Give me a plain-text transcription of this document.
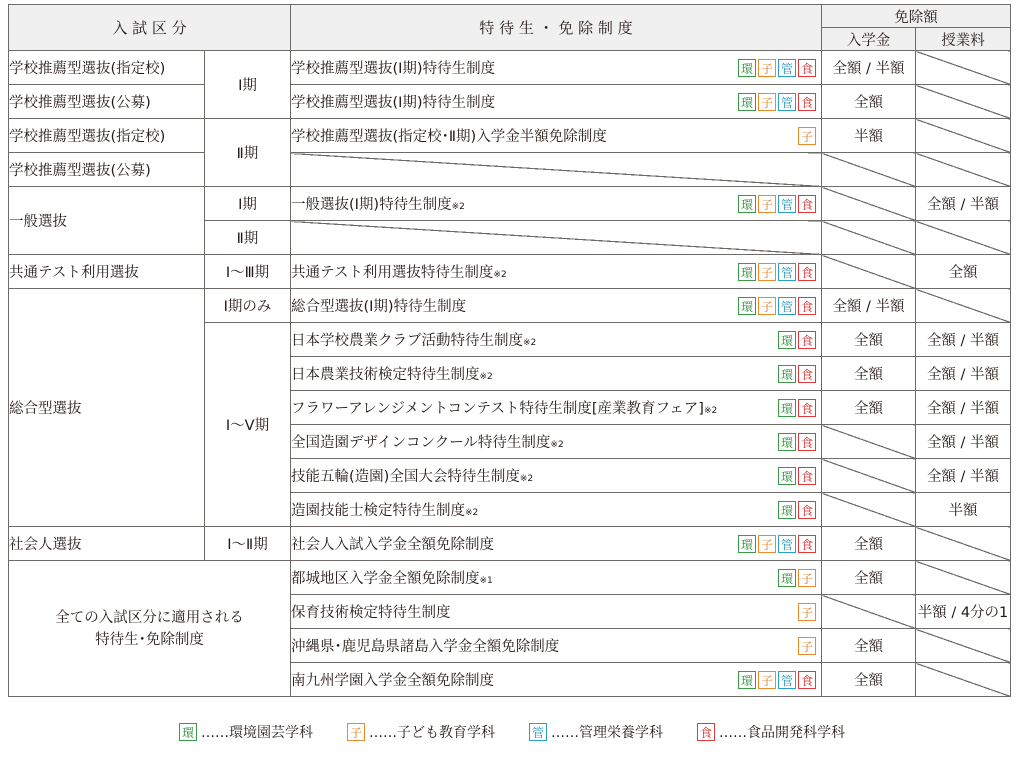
入 試 区 分		特 待 生 ・ 免 除 制 度	免除額	
			入学金	授業料
学校推薦型選抜(指定校)	Ⅰ期	学校推薦型選抜(Ⅰ期)特待生制度 環 子 管 食	全額 / 半額	
学校推薦型選抜(公募)		学校推薦型選抜(Ⅰ期)特待生制度 環 子 管 食	全額	
学校推薦型選抜(指定校)	Ⅱ期	学校推薦型選抜(指定校･Ⅱ期)入学金半額免除制度 子	半額	
学校推薦型選抜(公募)				
一般選抜	Ⅰ期	一般選抜(Ⅰ期)特待生制度※2 環 子 管 食		全額 / 半額
	Ⅱ期			
共通テスト利用選抜	Ⅰ～Ⅲ期	共通テスト利用選抜特待生制度※2 環 子 管 食		全額
総合型選抜	Ⅰ期のみ	総合型選抜(Ⅰ期)特待生制度 環 子 管 食	全額 / 半額	
	Ⅰ～Ⅴ期	日本学校農業クラブ活動特待生制度※2 環 食	全額	全額 / 半額
		日本農業技術検定特待生制度※2 環 食	全額	全額 / 半額
		フラワーアレンジメントコンテスト特待生制度[産業教育フェア]※2 環 食	全額	全額 / 半額
		全国造園デザインコンクール特待生制度※2 環 食		全額 / 半額
		技能五輪(造園)全国大会特待生制度※2 環 食		全額 / 半額
		造園技能士検定特待生制度※2 環 食		半額
社会人選抜	Ⅰ～Ⅱ期	社会人入試入学金全額免除制度 環 子 管 食	全額	
全ての入試区分に適用される
特待生･免除制度		都城地区入学金全額免除制度※1 環 子	全額	
		保育技術検定特待生制度 子		半額 / 4分の1
		沖縄県･鹿児島県諸島入学金全額免除制度 子	全額	
		南九州学園入学金全額免除制度 環 子 管 食	全額	
環 ……環境園芸学科	子 ……子ども教育学科	管 ……管理栄養学科	食 ……食品開発科学科
